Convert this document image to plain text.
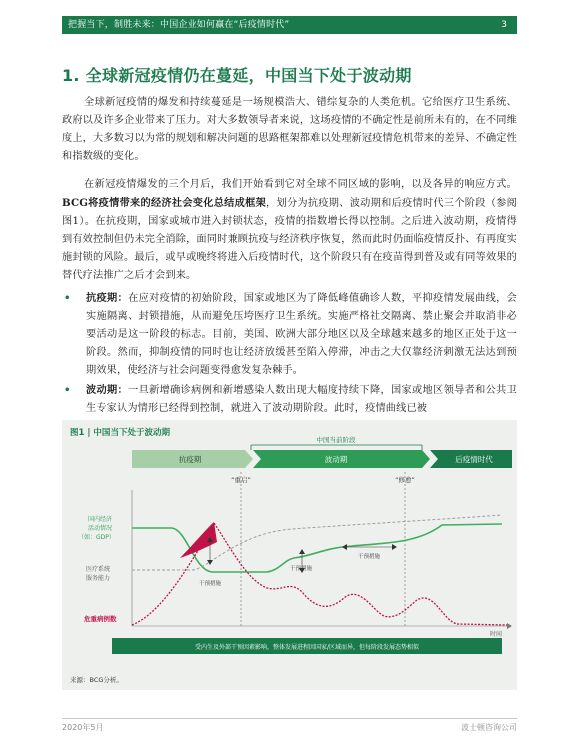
把握当下，制胜未来：中国企业如何赢在“后疫情时代”	3
1. 全球新冠疫情仍在蔓延，中国当下处于波动期

全球新冠疫情的爆发和持续蔓延是一场规模浩大、错综复杂的人类危机。它给医疗卫生系统、政府以及许多企业带来了压力。对大多数领导者来说，这场疫情的不确定性是前所未有的，在不同维度上，大多数习以为常的规划和解决问题的思路框架都难以处理新冠疫情危机带来的差异、不确定性和指数级的变化。

在新冠疫情爆发的三个月后，我们开始看到它对全球不同区域的影响，以及各异的响应方式。BCG将疫情带来的经济社会变化总结成框架，划分为抗疫期、波动期和后疫情时代三个阶段（参阅图1）。在抗疫期，国家或城市进入封锁状态，疫情的指数增长得以控制。之后进入波动期，疫情得到有效控制但仍未完全消除，面同时兼顾抗疫与经济秩序恢复，然而此时仍面临疫情反扑、有再度实施封锁的风险。最后，或早或晚终将进入后疫情时代，这个阶段只有在疫苗得到普及或有同等效果的替代疗法推广之后才会到来。

• 抗疫期：在应对疫情的初始阶段，国家或地区为了降低峰值确诊人数，平抑疫情发展曲线，会实施隔离、封锁措施，从而避免压垮医疗卫生系统。实施严格社交隔离、禁止聚会并取消非必要活动是这一阶段的标志。目前，美国、欧洲大部分地区以及全球越来越多的地区正处于这一阶段。然而，抑制疫情的同时也让经济放缓甚至陷入停滞，冲击之大仅靠经济刺激无法达到预期效果，使经济与社会问题变得愈发复杂棘手。
• 波动期：一旦新增确诊病例和新增感染人数出现大幅度持续下降，国家或地区领导者和公共卫生专家认为情形已经得到控制，就进入了波动期阶段。此时，疫情曲线已被
图1 | 中国当下处于波动期
中国当前阶段
抗疫期	波动期	后疫情时代
“重启”	“修愈”
国内经济
活动情况
（如：GDP）
医疗系统
服务能力
危重病例数
时间
干预措施
干预措施
干预措施
受内生及外部干预因素影响，整体发展进程因国家/区域而异，但每阶段发展态势相似
来源：BCG分析。
2020年5月	波士顿咨询公司
